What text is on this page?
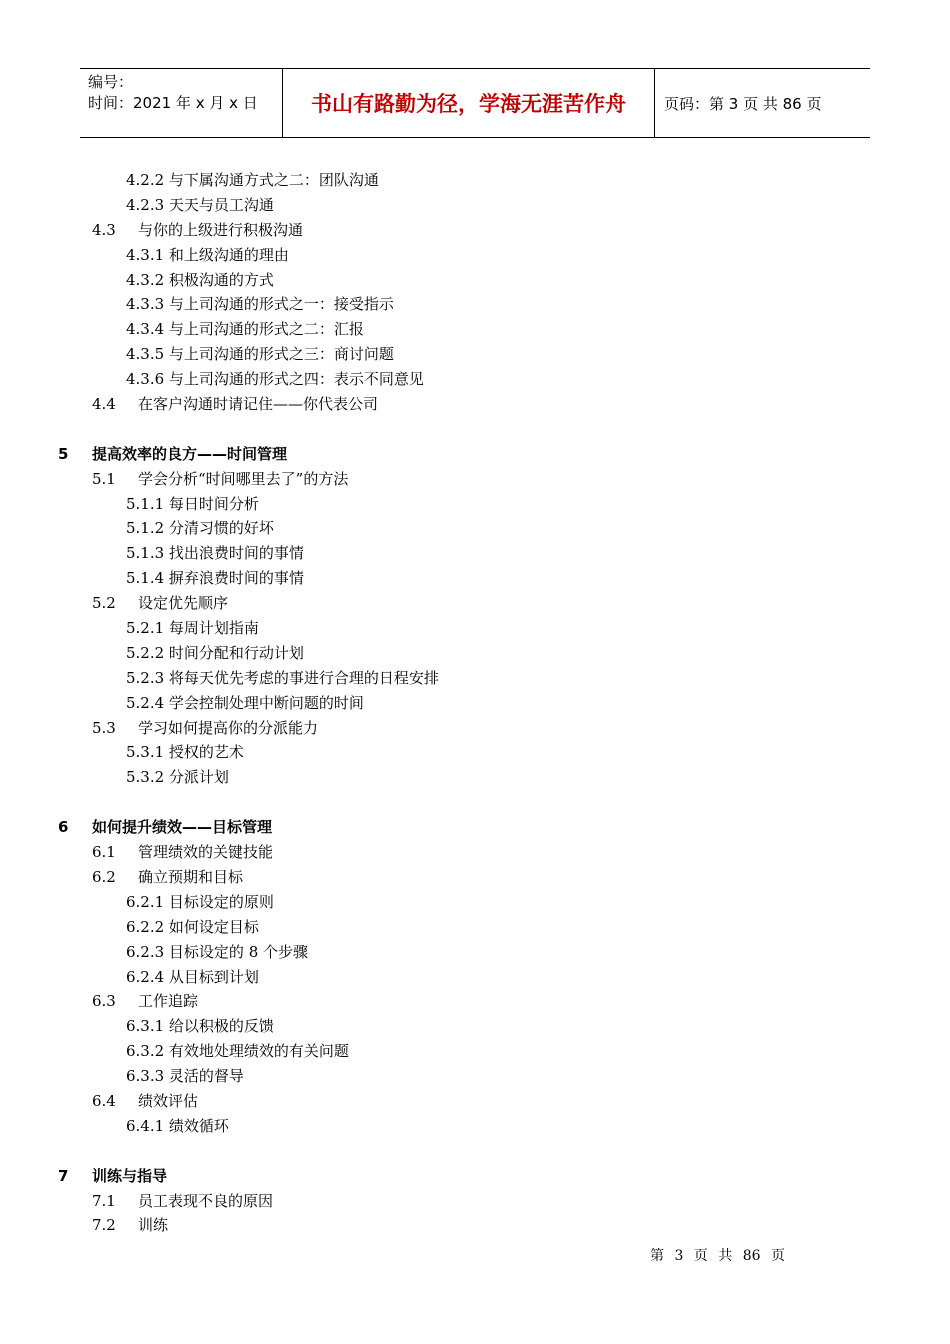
编号：
时间：2021 年 x 月 x 日	书山有路勤为径，学海无涯苦作舟	页码：第 3 页 共 86 页
4.2.2 与下属沟通方式之二：团队沟通
4.2.3 天天与员工沟通
4.3 与你的上级进行积极沟通
4.3.1 和上级沟通的理由
4.3.2 积极沟通的方式
4.3.3 与上司沟通的形式之一：接受指示
4.3.4 与上司沟通的形式之二：汇报
4.3.5 与上司沟通的形式之三：商讨问题
4.3.6 与上司沟通的形式之四：表示不同意见
4.4 在客户沟通时请记住——你代表公司
5 提高效率的良方——时间管理
5.1 学会分析“时间哪里去了”的方法
5.1.1 每日时间分析
5.1.2 分清习惯的好坏
5.1.3 找出浪费时间的事情
5.1.4 摒弃浪费时间的事情
5.2 设定优先顺序
5.2.1 每周计划指南
5.2.2 时间分配和行动计划
5.2.3 将每天优先考虑的事进行合理的日程安排
5.2.4 学会控制处理中断问题的时间
5.3 学习如何提高你的分派能力
5.3.1 授权的艺术
5.3.2 分派计划
6 如何提升绩效——目标管理
6.1 管理绩效的关键技能
6.2 确立预期和目标
6.2.1 目标设定的原则
6.2.2 如何设定目标
6.2.3 目标设定的 8 个步骤
6.2.4 从目标到计划
6.3 工作追踪
6.3.1 给以积极的反馈
6.3.2 有效地处理绩效的有关问题
6.3.3 灵活的督导
6.4 绩效评估
6.4.1 绩效循环
7 训练与指导
7.1 员工表现不良的原因
7.2 训练
第 3 页 共 86 页
